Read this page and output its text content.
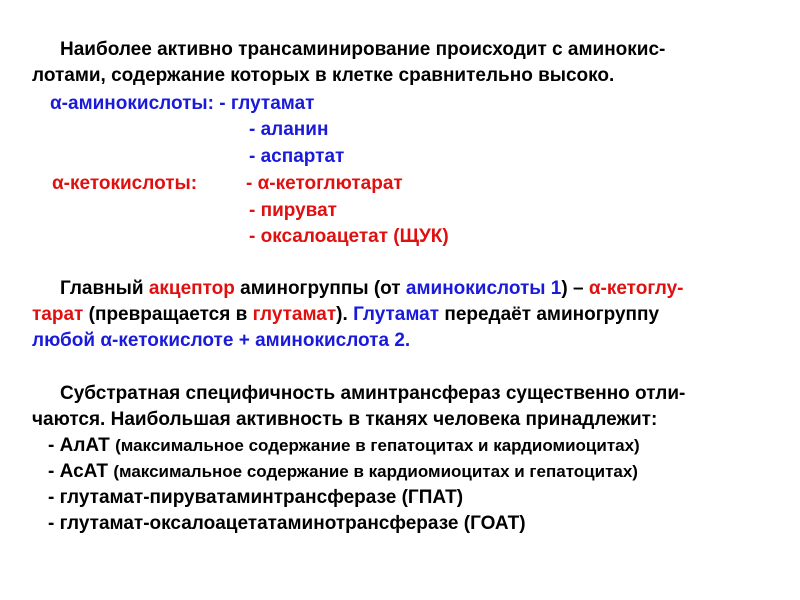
Наиболее активно трансаминирование происходит с аминокис-
лотами, содержание которых в клетке сравнительно высоко.
α-аминокислоты: - глутамат
- аланин
- аспартат
α-кетокислоты:	- α-кетоглютарат
- пируват
- оксалоацетат (ЩУК)
Главный акцептор аминогруппы (от аминокислоты 1) – α-кетоглу-
тарат (превращается в глутамат). Глутамат передаёт аминогруппу
любой α-кетокислоте + аминокислота 2.
Субстратная специфичность аминтрансфераз существенно отли-
чаются. Наибольшая активность в тканях человека принадлежит:
- АлАТ (максимальное содержание в гепатоцитах и кардиомиоцитах)
- АсАТ (максимальное содержание в кардиомиоцитах и гепатоцитах)
- глутамат-пируватаминтрансферазе (ГПАТ)
- глутамат-оксалоацетатаминотрансферазе (ГОАТ)
